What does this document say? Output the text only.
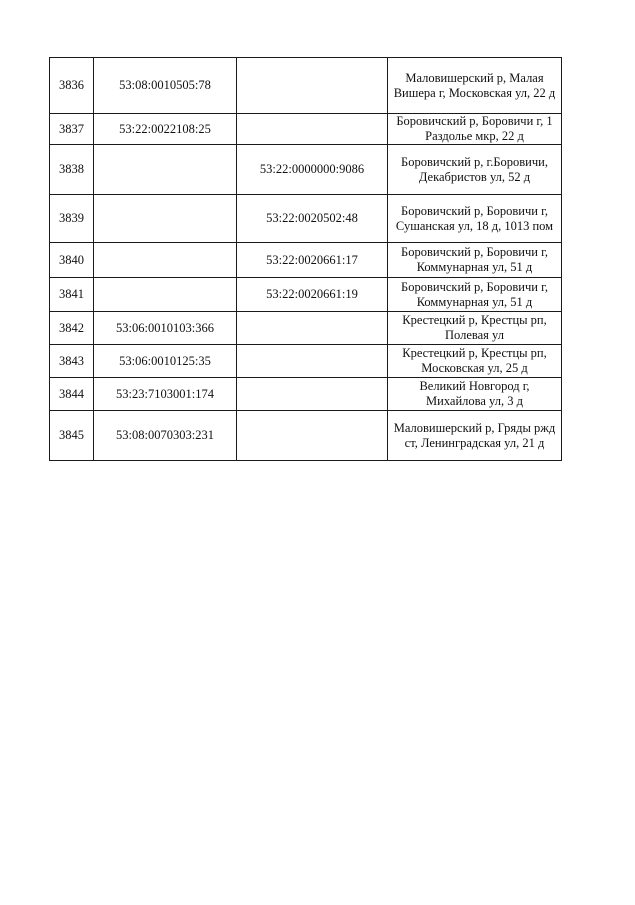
3836	53:08:0010505:78		Маловишерский р, Малая Вишера г, Московская ул, 22 д
3837	53:22:0022108:25		Боровичский р, Боровичи г, 1 Раздолье мкр, 22 д
3838		53:22:0000000:9086	Боровичский р, г.Боровичи, Декабристов ул, 52 д
3839		53:22:0020502:48	Боровичский р, Боровичи г, Сушанская ул, 18 д, 1013 пом
3840		53:22:0020661:17	Боровичский р, Боровичи г, Коммунарная ул, 51 д
3841		53:22:0020661:19	Боровичский р, Боровичи г, Коммунарная ул, 51 д
3842	53:06:0010103:366		Крестецкий р, Крестцы рп, Полевая ул
3843	53:06:0010125:35		Крестецкий р, Крестцы рп, Московская ул, 25 д
3844	53:23:7103001:174		Великий Новгород г, Михайлова ул, 3 д
3845	53:08:0070303:231		Маловишерский р, Гряды ржд ст, Ленинградская ул, 21 д
